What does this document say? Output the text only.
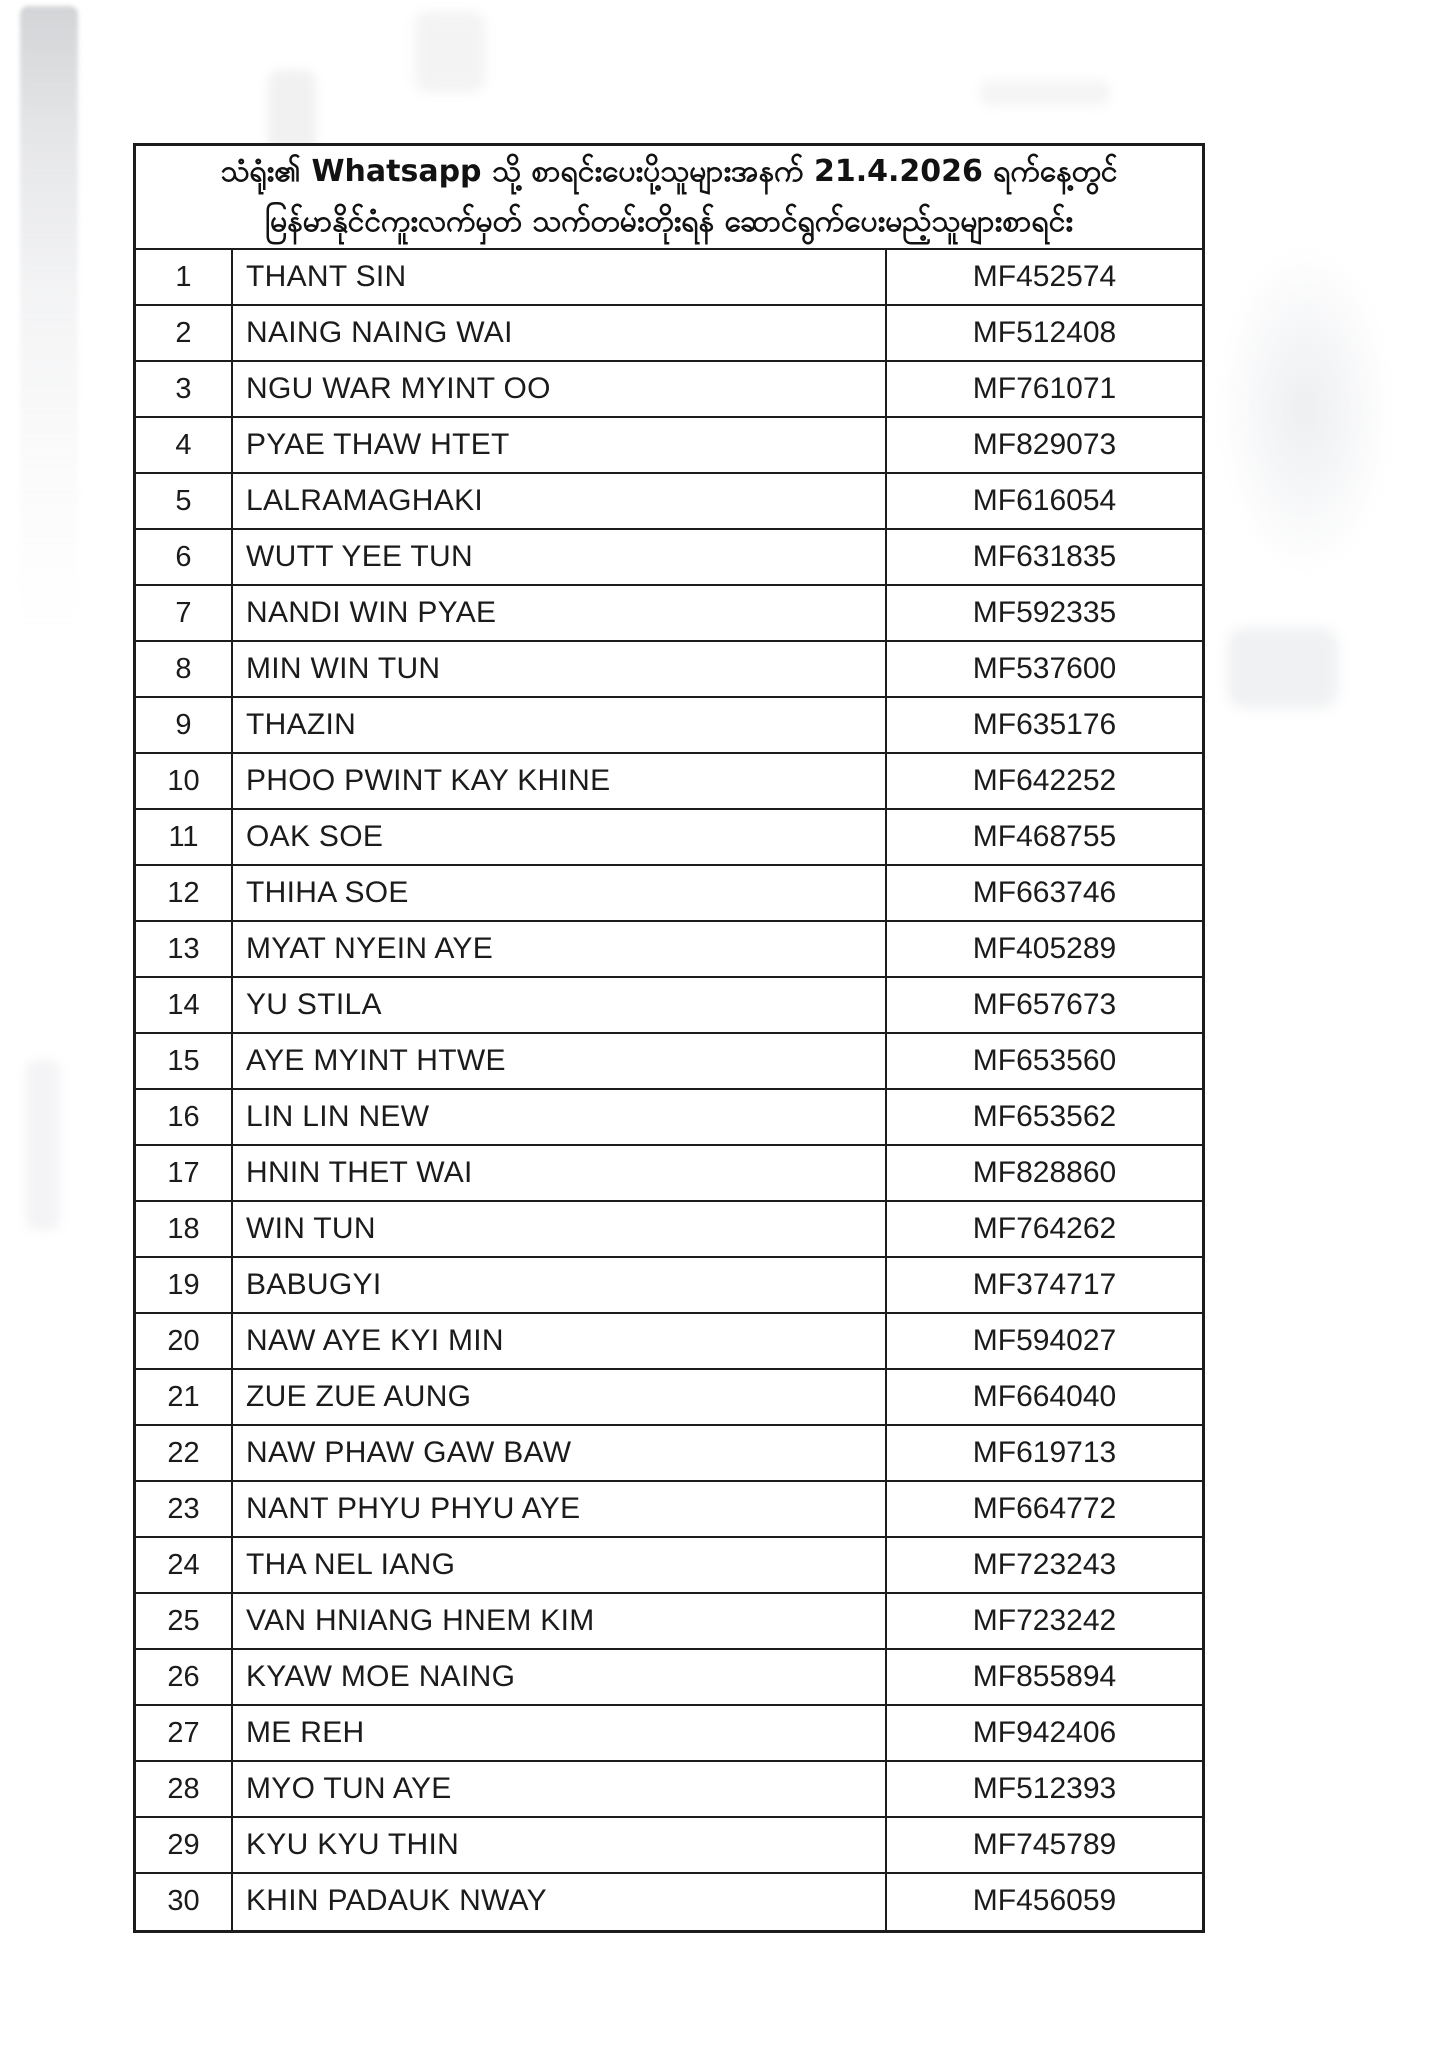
သံရုံး၏ Whatsapp သို့ စာရင်းပေးပို့သူများအနက် 21.4.2026 ရက်နေ့တွင်
မြန်မာနိုင်ငံကူးလက်မှတ် သက်တမ်းတိုးရန် ဆောင်ရွက်ပေးမည့်သူများစာရင်း
1	THANT SIN	MF452574
2	NAING NAING WAI	MF512408
3	NGU WAR MYINT OO	MF761071
4	PYAE THAW HTET	MF829073
5	LALRAMAGHAKI	MF616054
6	WUTT YEE TUN	MF631835
7	NANDI WIN PYAE	MF592335
8	MIN WIN TUN	MF537600
9	THAZIN	MF635176
10	PHOO PWINT KAY KHINE	MF642252
11	OAK SOE	MF468755
12	THIHA SOE	MF663746
13	MYAT NYEIN AYE	MF405289
14	YU STILA	MF657673
15	AYE MYINT HTWE	MF653560
16	LIN LIN NEW	MF653562
17	HNIN THET WAI	MF828860
18	WIN TUN	MF764262
19	BABUGYI	MF374717
20	NAW AYE KYI MIN	MF594027
21	ZUE ZUE AUNG	MF664040
22	NAW PHAW GAW BAW	MF619713
23	NANT PHYU PHYU AYE	MF664772
24	THA NEL IANG	MF723243
25	VAN HNIANG HNEM KIM	MF723242
26	KYAW MOE NAING	MF855894
27	ME REH	MF942406
28	MYO TUN AYE	MF512393
29	KYU KYU THIN	MF745789
30	KHIN PADAUK NWAY	MF456059
